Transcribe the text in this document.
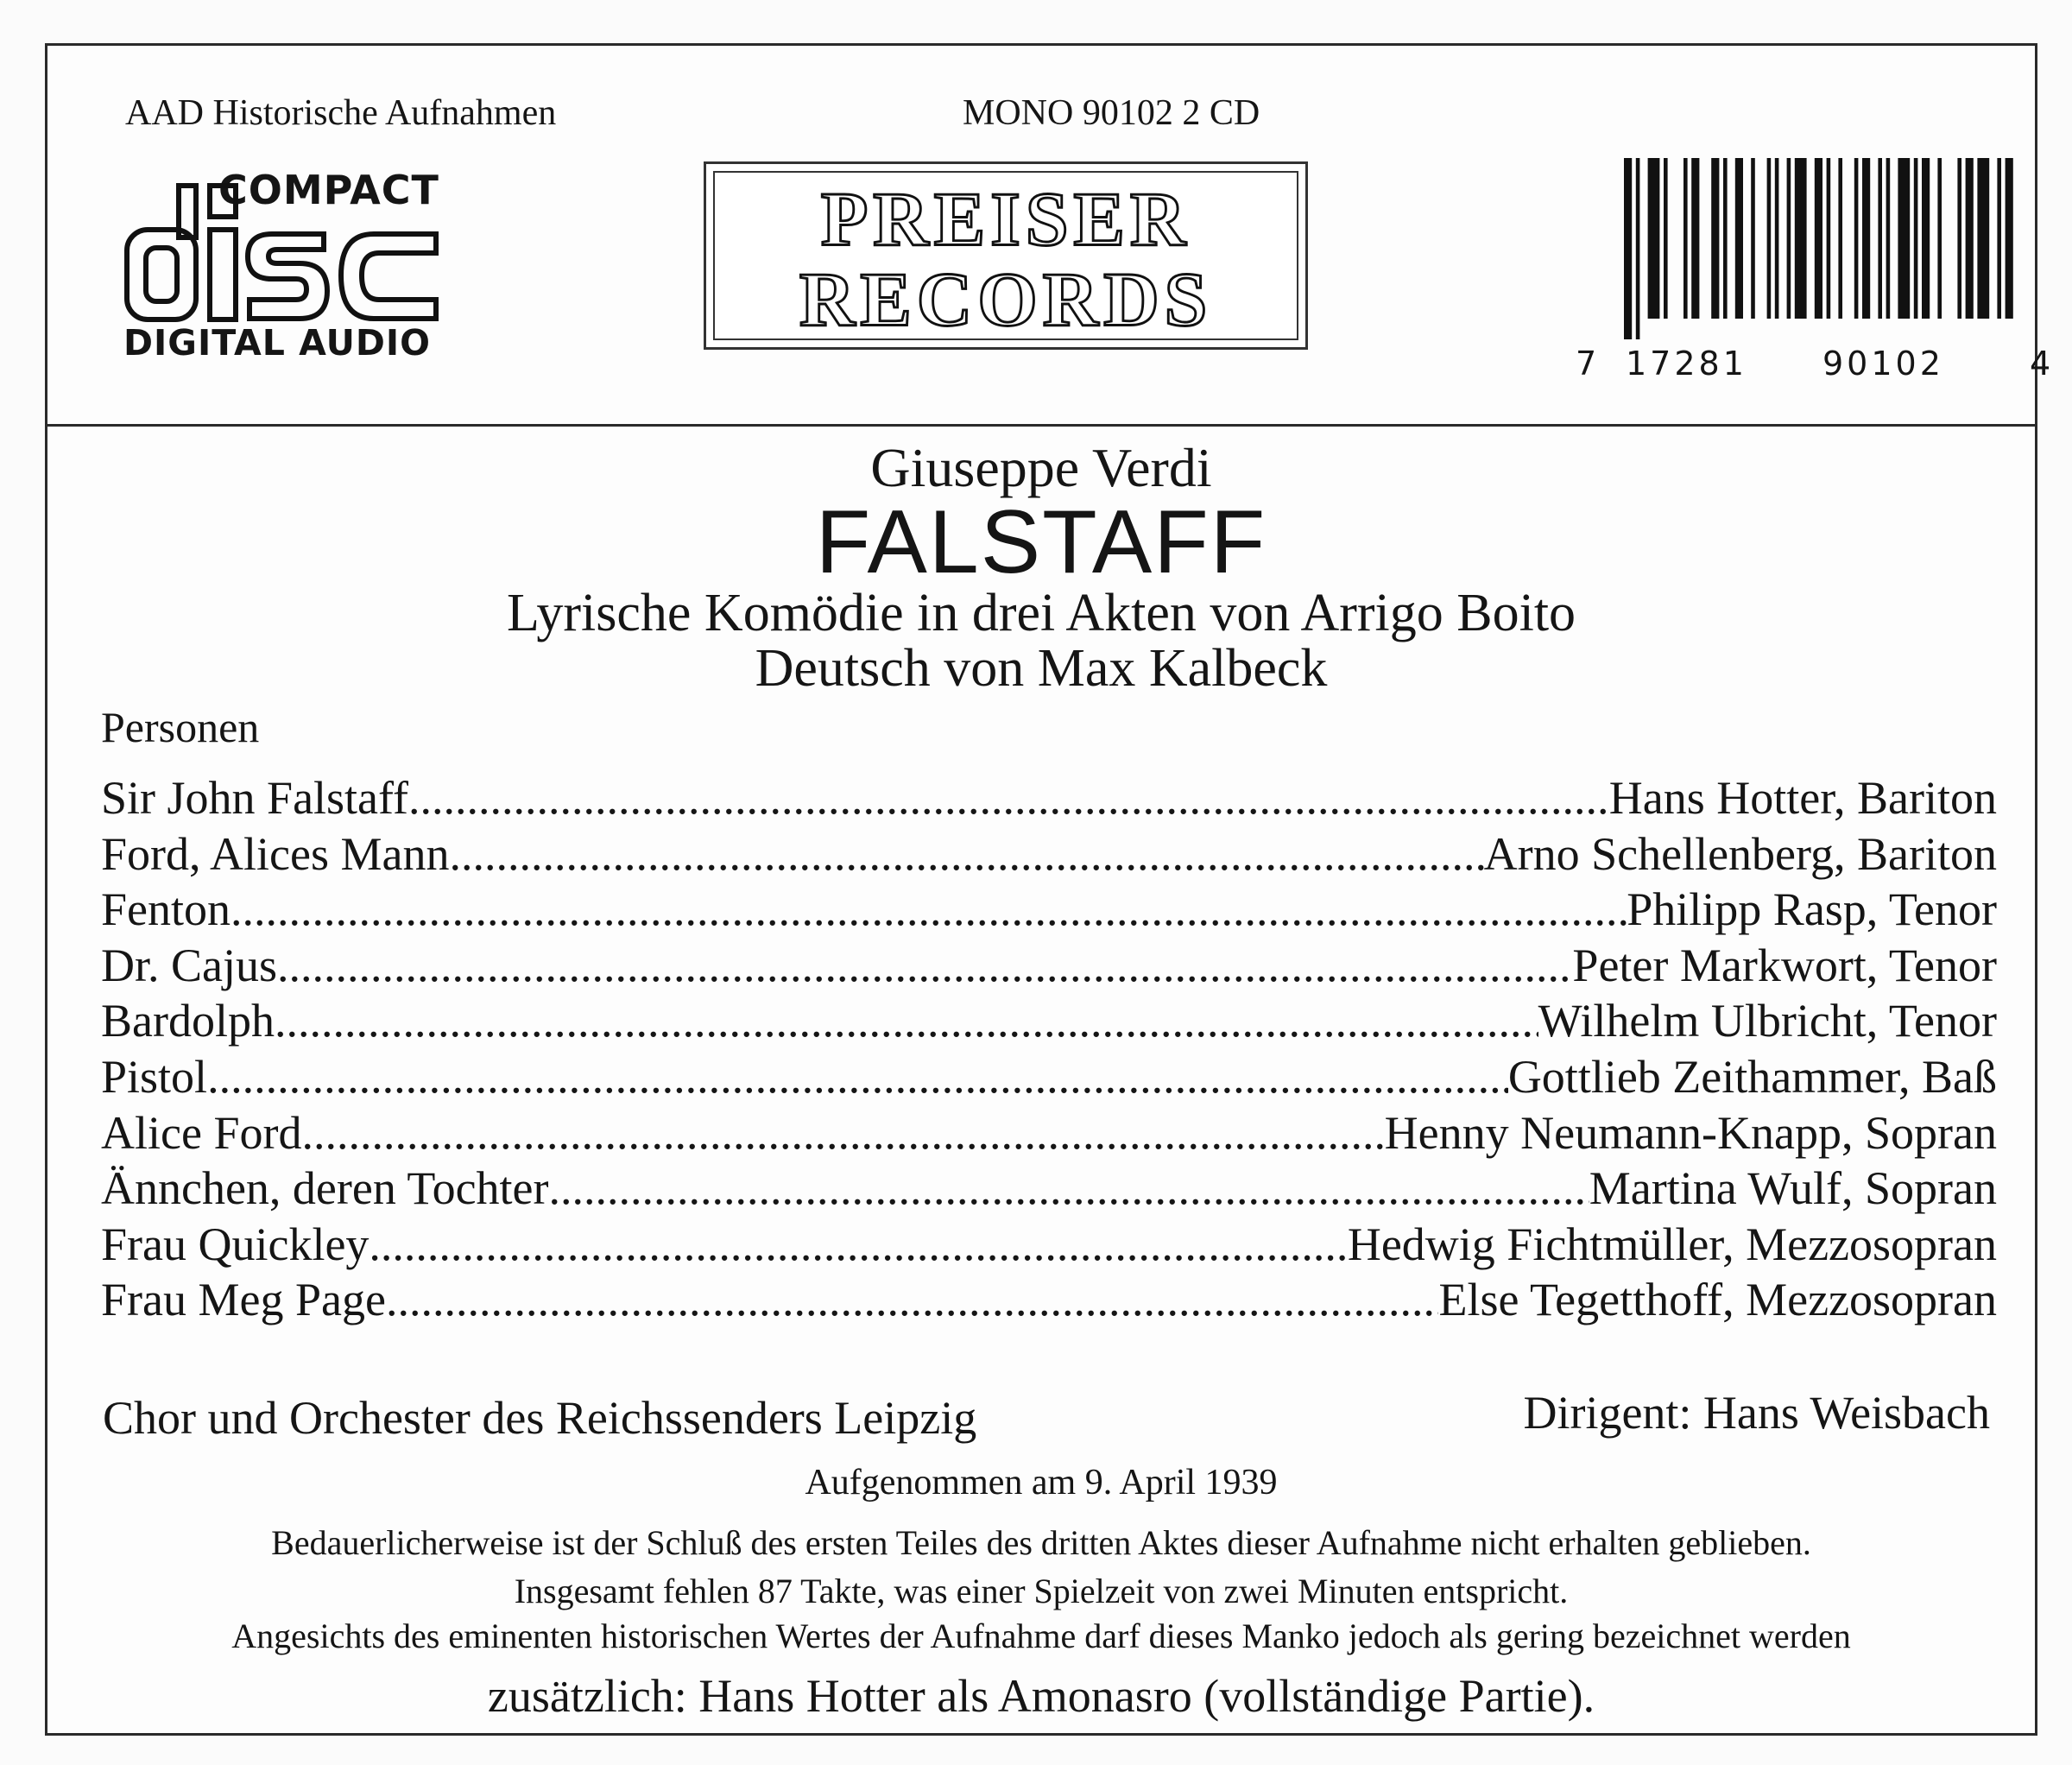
AAD Historische Aufnahmen	MONO 90102 2 CD
COMPACT
DIGITAL AUDIO
PREISER
RECORDS
7 17281 90102	4
Giuseppe Verdi
FALSTAFF
Lyrische Komödie in drei Akten von Arrigo Boito
Deutsch von Max Kalbeck
Personen
Sir John Falstaff .....	Hans Hotter, Bariton
Ford, Alices Mann .....	Arno Schellenberg, Bariton
Fenton .....	Philipp Rasp, Tenor
Dr. Cajus .....	Peter Markwort, Tenor
Bardolph .....	Wilhelm Ulbricht, Tenor
Pistol .....	Gottlieb Zeithammer, Baß
Alice Ford .....	Henny Neumann-Knapp, Sopran
Ännchen, deren Tochter .....	Martina Wulf, Sopran
Frau Quickley .....	Hedwig Fichtmüller, Mezzosopran
Frau Meg Page .....	Else Tegetthoff, Mezzosopran
Chor und Orchester des Reichssenders Leipzig	Dirigent: Hans Weisbach
Aufgenommen am 9. April 1939
Bedauerlicherweise ist der Schluß des ersten Teiles des dritten Aktes dieser Aufnahme nicht erhalten geblieben.
Insgesamt fehlen 87 Takte, was einer Spielzeit von zwei Minuten entspricht.
Angesichts des eminenten historischen Wertes der Aufnahme darf dieses Manko jedoch als gering bezeichnet werden
zusätzlich: Hans Hotter als Amonasro (vollständige Partie).
